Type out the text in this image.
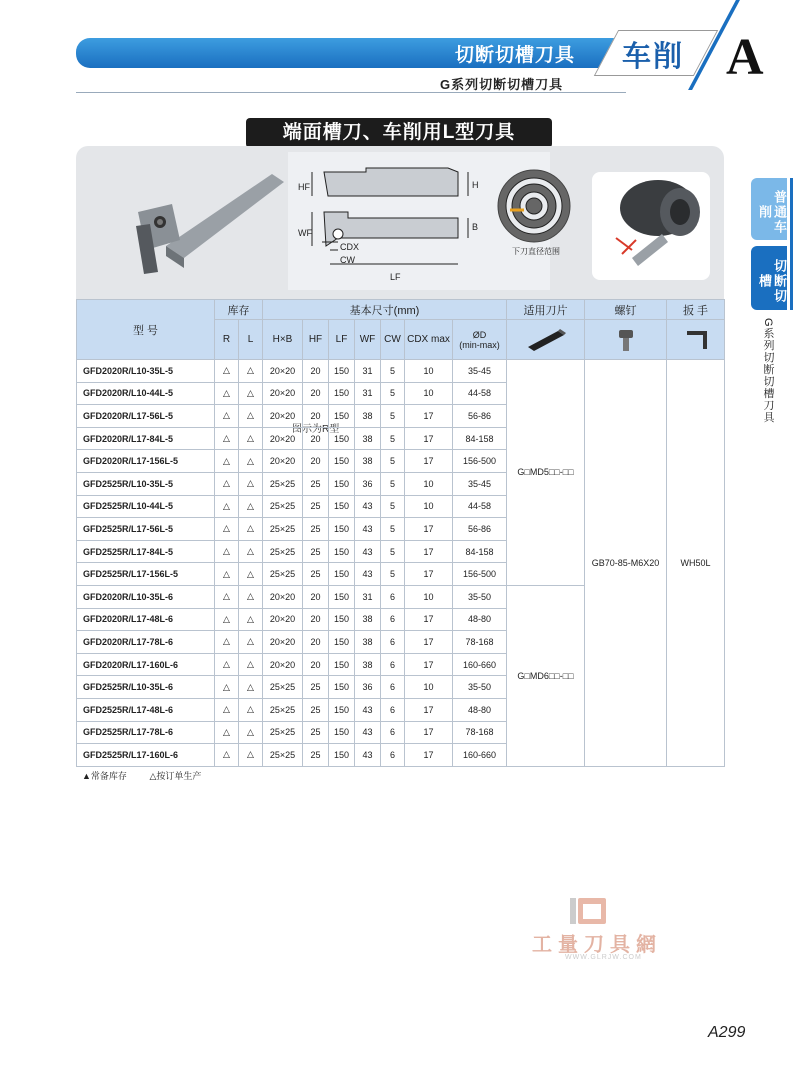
切断切槽刀具 车削 A
G系列切断切槽刀具
普通车削
切断切槽
G系列切断切槽刀具
端面槽刀、车削用L型刀具
HF	H
WF
B
CDX
CW
LF
下刀直径范围
图示为R型
型 号	库存		基本尺寸(mm)							适用刀片	螺钉	扳 手
	R	L	H×B	HF	LF	WF	CW	CDX max	ØD
(min-max)	

GFD2020R/L10-35L-5	△	△	20×20	20	150	31	5	10	35-45	G□MD5□□-□□	GB70-85-M6X20	WH50L
GFD2020R/L10-44L-5	△	△	20×20	20	150	31	5	10	44-58			
GFD2020R/L17-56L-5	△	△	20×20	20	150	38	5	17	56-86			
GFD2020R/L17-84L-5	△	△	20×20	20	150	38	5	17	84-158			
GFD2020R/L17-156L-5	△	△	20×20	20	150	38	5	17	156-500			
GFD2525R/L10-35L-5	△	△	25×25	25	150	36	5	10	35-45			
GFD2525R/L10-44L-5	△	△	25×25	25	150	43	5	10	44-58			
GFD2525R/L17-56L-5	△	△	25×25	25	150	43	5	17	56-86			
GFD2525R/L17-84L-5	△	△	25×25	25	150	43	5	17	84-158			
GFD2525R/L17-156L-5	△	△	25×25	25	150	43	5	17	156-500			
GFD2020R/L10-35L-6	△	△	20×20	20	150	31	6	10	35-50	G□MD6□□-□□		
GFD2020R/L17-48L-6	△	△	20×20	20	150	38	6	17	48-80			
GFD2020R/L17-78L-6	△	△	20×20	20	150	38	6	17	78-168			
GFD2020R/L17-160L-6	△	△	20×20	20	150	38	6	17	160-660			
GFD2525R/L10-35L-6	△	△	25×25	25	150	36	6	10	35-50			
GFD2525R/L17-48L-6	△	△	25×25	25	150	43	6	17	48-80			
GFD2525R/L17-78L-6	△	△	25×25	25	150	43	6	17	78-168			
GFD2525R/L17-160L-6	△	△	25×25	25	150	43	6	17	160-660			
▲常备库存	△按订单生产
工量刀具網
WWW.GLRJW.COM
A299
